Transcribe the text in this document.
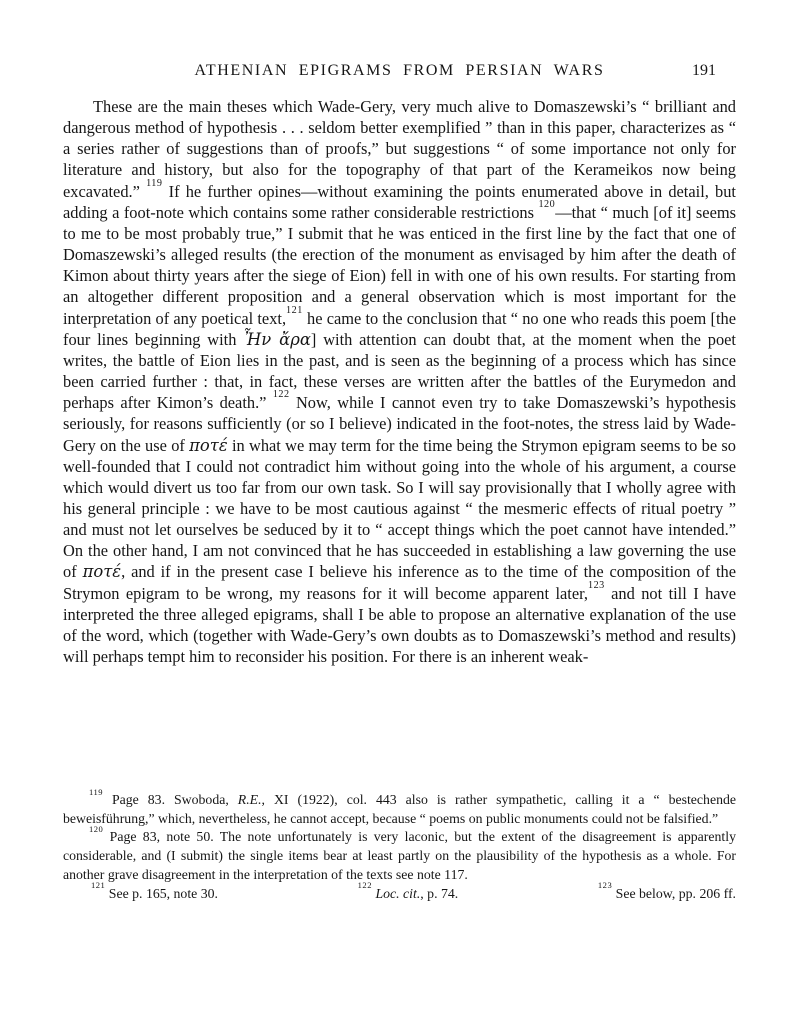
ATHENIAN EPIGRAMS FROM PERSIAN WARS	191

These are the main theses which Wade-Gery, very much alive to Domaszewski’s “ brilliant and dangerous method of hypothesis . . . seldom better exemplified ” than in this paper, characterizes as “ a series rather of suggestions than of proofs,” but suggestions “ of some importance not only for literature and history, but also for the topography of that part of the Kerameikos now being excavated.” $^{119}$ If he further opines—without examining the points enumerated above in detail, but adding a foot-note which contains some rather considerable restrictions $^{120}$—that “ much [of it] seems to me to be most probably true,” I submit that he was enticed in the first line by the fact that one of Domaszewski’s alleged results (the erection of the monument as envisaged by him after the death of Kimon about thirty years after the siege of Eion) fell in with one of his own results. For starting from an altogether different proposition and a general observation which is most important for the interpretation of any poetical text,$^{121}$ he came to the conclusion that “ no one who reads this poem [the four lines beginning with Ἦν ἄρα] with attention can doubt that, at the moment when the poet writes, the battle of Eion lies in the past, and is seen as the beginning of a process which has since been carried further : that, in fact, these verses are written after the battles of the Eurymedon and perhaps after Kimon’s death.” $^{122}$ Now, while I cannot even try to take Domaszewski’s hypothesis seriously, for reasons sufficiently (or so I believe) indicated in the foot-notes, the stress laid by Wade-Gery on the use of ποτέ in what we may term for the time being the Strymon epigram seems to be so well-founded that I could not contradict him without going into the whole of his argument, a course which would divert us too far from our own task. So I will say provisionally that I wholly agree with his general principle : we have to be most cautious against “ the mesmeric effects of ritual poetry ” and must not let ourselves be seduced by it to “ accept things which the poet cannot have intended.” On the other hand, I am not convinced that he has succeeded in establishing a law governing the use of ποτέ, and if in the present case I believe his inference as to the time of the composition of the Strymon epigram to be wrong, my reasons for it will become apparent later,$^{123}$ and not till I have interpreted the three alleged epigrams, shall I be able to propose an alternative explanation of the use of the word, which (together with Wade-Gery’s own doubts as to Domaszewski’s method and results) will perhaps tempt him to reconsider his position. For there is an inherent weak-

$^{119}$ Page 83. Swoboda, R.E., XI (1922), col. 443 also is rather sympathetic, calling it a “ bestechende beweisführung,” which, nevertheless, he cannot accept, because “ poems on public monuments could not be falsified.”

$^{120}$ Page 83, note 50. The note unfortunately is very laconic, but the extent of the disagreement is apparently considerable, and (I submit) the single items bear at least partly on the plausibility of the hypothesis as a whole. For another grave disagreement in the interpretation of the texts see note 117.

$^{121}$ See p. 165, note 30.
$^{122}$ Loc. cit., p. 74.
$^{123}$ See below, pp. 206 ff.
